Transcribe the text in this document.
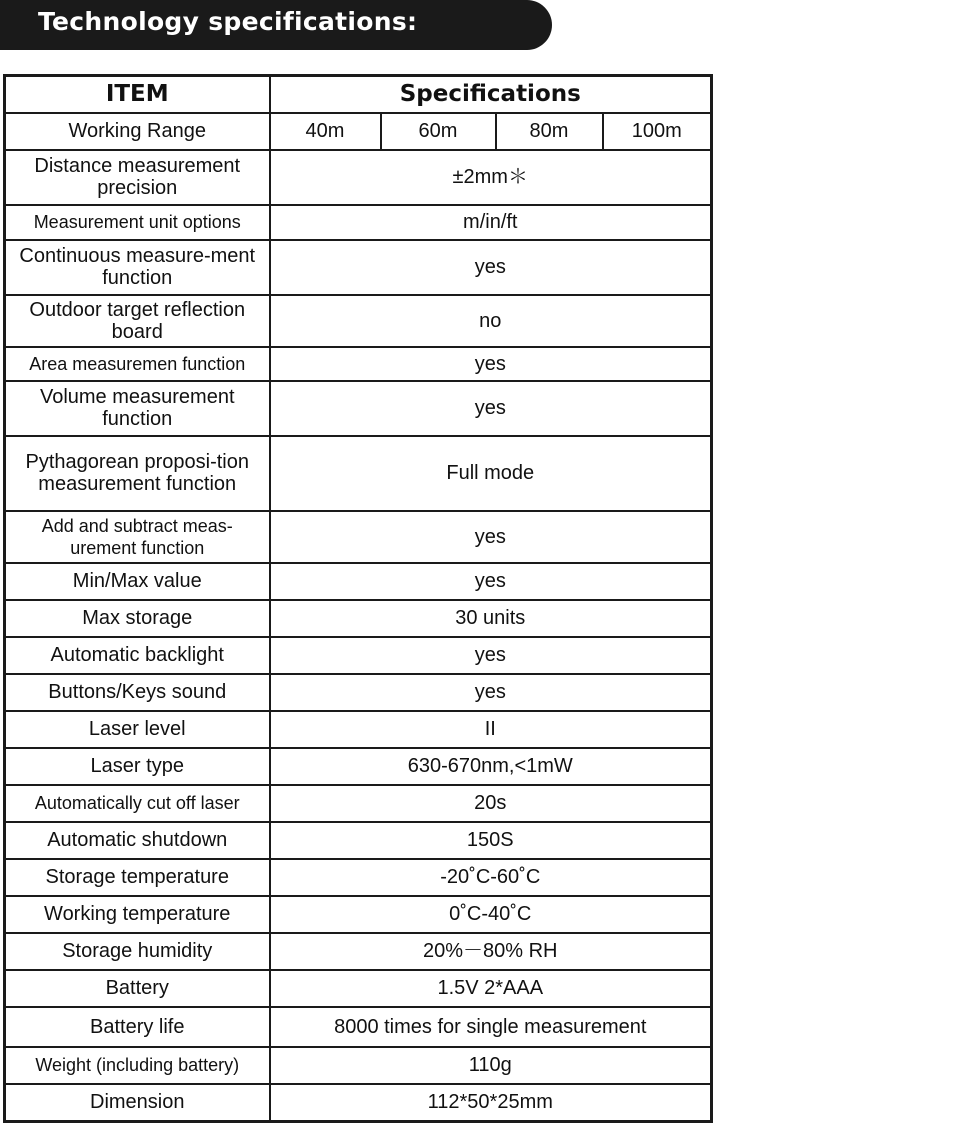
Technology specifications:
ITEM	Specifications			
Working Range	40m	60m	80m	100m
Distance measurement precision	±2mm＊			
Measurement unit options	m/in/ft			
Continuous measure-ment function	yes			
Outdoor target reflection board	no			
Area measuremen function	yes			
Volume measurement function	yes			
Pythagorean proposi-tion measurement function	Full mode			
Add and subtract meas-urement function	yes			
Min/Max value	yes			
Max storage	30 units			
Automatic backlight	yes			
Buttons/Keys sound	yes			
Laser level	II			
Laser type	630-670nm,<1mW			
Automatically cut off laser	20s			
Automatic shutdown	150S			
Storage temperature	-20˚C-60˚C			
Working temperature	0˚C-40˚C			
Storage humidity	20%－80% RH			
Battery	1.5V 2*AAA			
Battery life	8000 times for single measurement			
Weight (including battery)	110g			
Dimension	112*50*25mm			
